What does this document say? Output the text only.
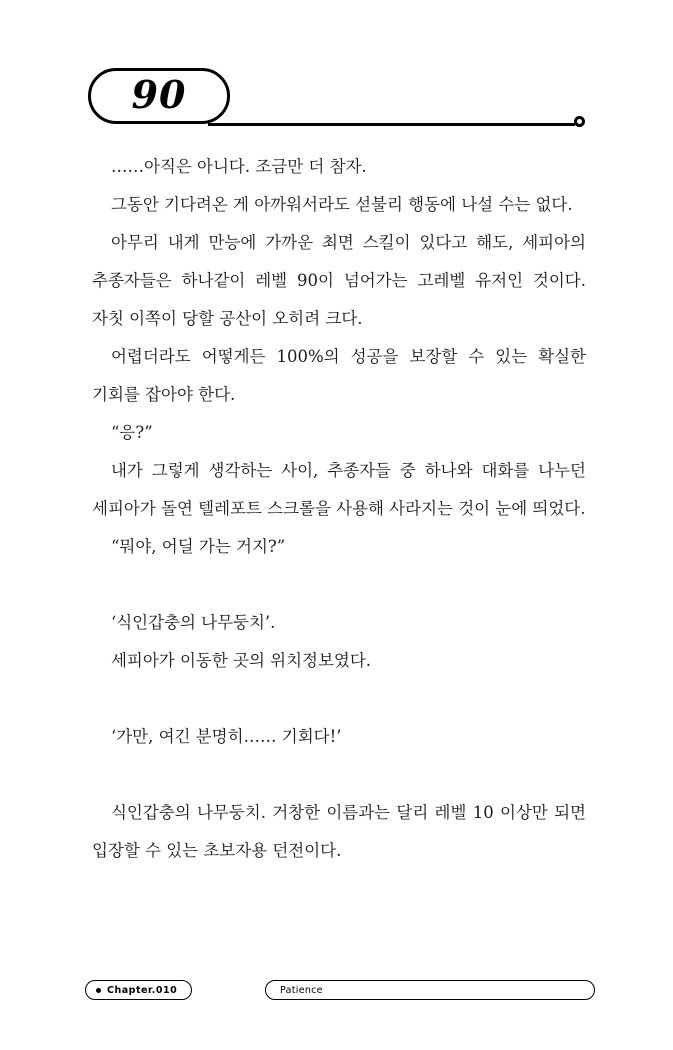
90

……아직은 아니다. 조금만 더 참자.

그동안 기다려온 게 아까워서라도 섣불리 행동에 나설 수는 없다.

아무리 내게 만능에 가까운 최면 스킬이 있다고 해도, 세피아의 추종자들은 하나같이 레벨 90이 넘어가는 고레벨 유저인 것이다. 자칫 이쪽이 당할 공산이 오히려 크다.

어렵더라도 어떻게든 100%의 성공을 보장할 수 있는 확실한 기회를 잡아야 한다.

“응?”

내가 그렇게 생각하는 사이, 추종자들 중 하나와 대화를 나누던 세피아가 돌연 텔레포트 스크롤을 사용해 사라지는 것이 눈에 띄었다.

“뭐야, 어딜 가는 거지?”

‘식인갑충의 나무둥치’.

세피아가 이동한 곳의 위치정보였다.

‘가만, 여긴 분명히…… 기회다!’

식인갑충의 나무둥치. 거창한 이름과는 달리 레벨 10 이상만 되면 입장할 수 있는 초보자용 던전이다.

Chapter.010	Patience
